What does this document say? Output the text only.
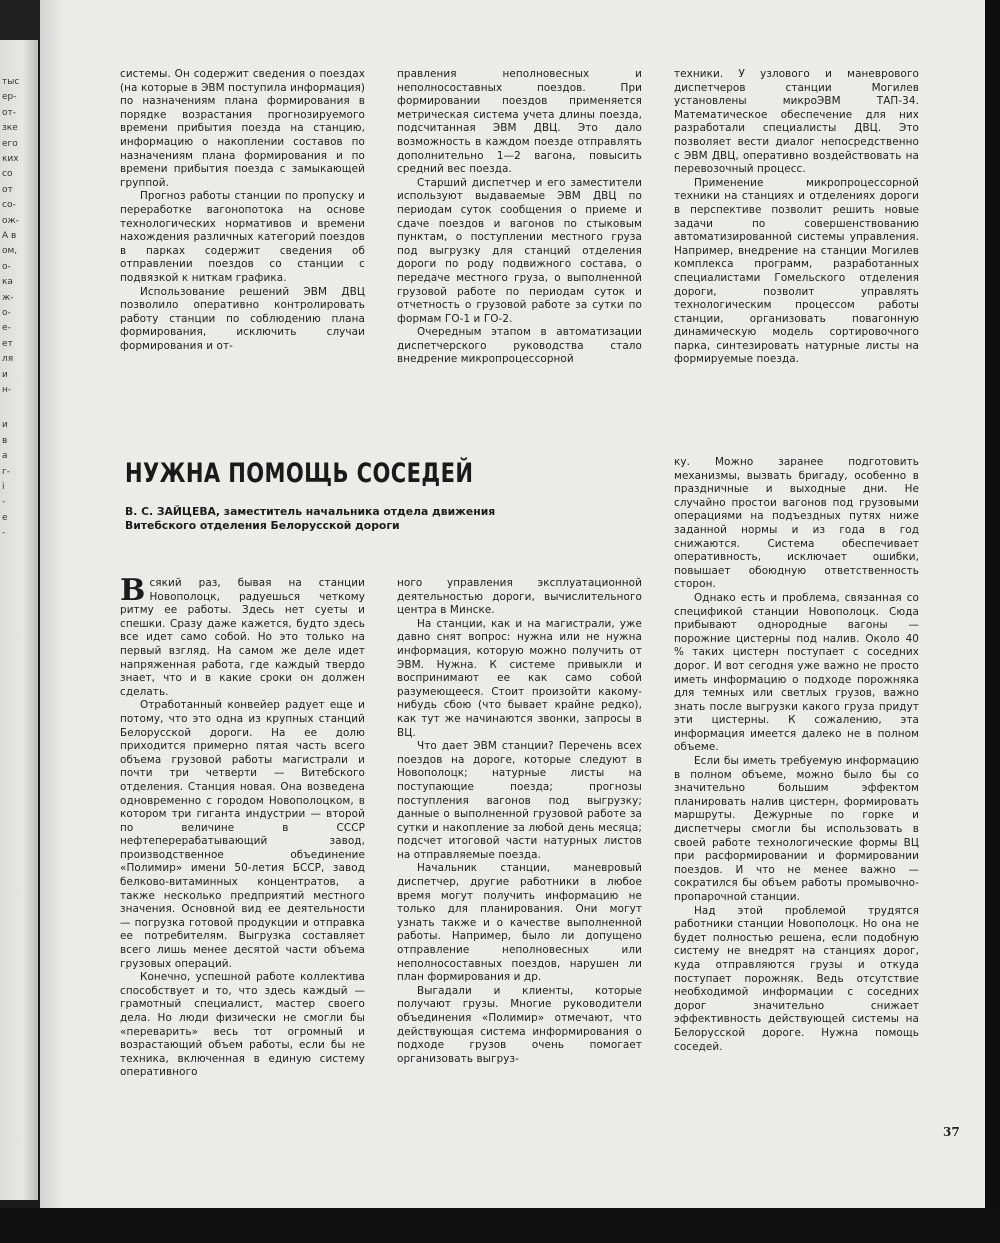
тыс
ер-
от-
зке
его
ких
со
от
со-
ож-
А в
ом,
о-
ка
ж-
о-
е-
ет
ля
и
н-
и
в
а
г-
і
-
е
-

системы. Он содержит сведения о поездах (на которые в ЭВМ поступила информация) по назначениям плана формирования в порядке возрастания прогнозируемого времени прибытия поезда на станцию, информацию о накоплении составов по назначениям плана формирования и по времени прибытия поезда с замыкающей группой.

Прогноз работы станции по пропуску и переработке вагонопотока на основе технологических нормативов и времени нахождения различных категорий поездов в парках содержит сведения об отправлении поездов со станции с подвязкой к ниткам графика.

Использование решений ЭВМ ДВЦ позволило оперативно контролировать работу станции по соблюдению плана формирования, исключить случаи формирования и от-

правления неполновесных и неполносоставных поездов. При формировании поездов применяется метрическая система учета длины поезда, подсчитанная ЭВМ ДВЦ. Это дало возможность в каждом поезде отправлять дополнительно 1—2 вагона, повысить средний вес поезда.

Старший диспетчер и его заместители используют выдаваемые ЭВМ ДВЦ по периодам суток сообщения о приеме и сдаче поездов и вагонов по стыковым пунктам, о поступлении местного груза под выгрузку для станций отделения дороги по роду подвижного состава, о передаче местного груза, о выполненной грузовой работе по периодам суток и отчетность о грузовой работе за сутки по формам ГО-1 и ГО-2.

Очередным этапом в автоматизации диспетчерского руководства стало внедрение микропроцессорной

техники. У узлового и маневрового диспетчеров станции Могилев установлены микроЭВМ ТАП-34. Математическое обеспечение для них разработали специалисты ДВЦ. Это позволяет вести диалог непосредственно с ЭВМ ДВЦ, оперативно воздействовать на перевозочный процесс.

Применение микропроцессорной техники на станциях и отделениях дороги в перспективе позволит решить новые задачи по совершенствованию автоматизированной системы управления. Например, внедрение на станции Могилев комплекса программ, разработанных специалистами Гомельского отделения дороги, позволит управлять технологическим процессом работы станции, организовать повагонную динамическую модель сортировочного парка, синтезировать натурные листы на формируемые поезда.

ку. Можно заранее подготовить механизмы, вызвать бригаду, особенно в праздничные и выходные дни. Не случайно простои вагонов под грузовыми операциями на подъездных путях ниже заданной нормы и из года в год снижаются. Система обеспечивает оперативность, исключает ошибки, повышает обоюдную ответственность сторон.

Однако есть и проблема, связанная со спецификой станции Новополоцк. Сюда прибывают однородные вагоны — порожние цистерны под налив. Около 40 % таких цистерн поступает с соседних дорог. И вот сегодня уже важно не просто иметь информацию о подходе порожняка для темных или светлых грузов, важно знать после выгрузки какого груза придут эти цистерны. К сожалению, эта информация имеется далеко не в полном объеме.

Если бы иметь требуемую информацию в полном объеме, можно было бы со значительно большим эффектом планировать налив цистерн, формировать маршруты. Дежурные по горке и диспетчеры смогли бы использовать в своей работе технологические формы ВЦ при расформировании и формировании поездов. И что не менее важно — сократился бы объем работы промывочно-пропарочной станции.

Над этой проблемой трудятся работники станции Новополоцк. Но она не будет полностью решена, если подобную систему не внедрят на станциях дорог, куда отправляются грузы и откуда поступает порожняк. Ведь отсутствие необходимой информации с соседних дорог значительно снижает эффективность действующей системы на Белорусской дороге. Нужна помощь соседей.

Всякий раз, бывая на станции Новополоцк, радуешься четкому ритму ее работы. Здесь нет суеты и спешки. Сразу даже кажется, будто здесь все идет само собой. Но это только на первый взгляд. На самом же деле идет напряженная работа, где каждый твердо знает, что и в какие сроки он должен сделать.

Отработанный конвейер радует еще и потому, что это одна из крупных станций Белорусской дороги. На ее долю приходится примерно пятая часть всего объема грузовой работы магистрали и почти три четверти — Витебского отделения. Станция новая. Она возведена одновременно с городом Новополоцком, в котором три гиганта индустрии — второй по величине в СССР нефтеперерабатывающий завод, производственное объединение «Полимир» имени 50-летия БССР, завод белково-витаминных концентратов, а также несколько предприятий местного значения. Основной вид ее деятельности — погрузка готовой продукции и отправка ее потребителям. Выгрузка составляет всего лишь менее десятой части объема грузовых операций.

Конечно, успешной работе коллектива способствует и то, что здесь каждый — грамотный специалист, мастер своего дела. Но люди физически не смогли бы «переварить» весь тот огромный и возрастающий объем работы, если бы не техника, включенная в единую систему оперативного

ного управления эксплуатационной деятельностью дороги, вычислительного центра в Минске.

На станции, как и на магистрали, уже давно снят вопрос: нужна или не нужна информация, которую можно получить от ЭВМ. Нужна. К системе привыкли и воспринимают ее как само собой разумеющееся. Стоит произойти какому-нибудь сбою (что бывает крайне редко), как тут же начинаются звонки, запросы в ВЦ.

Что дает ЭВМ станции? Перечень всех поездов на дороге, которые следуют в Новополоцк; натурные листы на поступающие поезда; прогнозы поступления вагонов под выгрузку; данные о выполненной грузовой работе за сутки и накопление за любой день месяца; подсчет итоговой части натурных листов на отправляемые поезда.

Начальник станции, маневровый диспетчер, другие работники в любое время могут получить информацию не только для планирования. Они могут узнать также и о качестве выполненной работы. Например, было ли допущено отправление неполновесных или неполносоставных поездов, нарушен ли план формирования и др.

Выгадали и клиенты, которые получают грузы. Многие руководители объединения «Полимир» отмечают, что действующая система информирования о подходе грузов очень помогает организовать выгруз-

37
НУЖНА ПОМОЩЬ СОСЕДЕЙ
В. С. ЗАЙЦЕВА, заместитель начальника отдела движения Витебского отделения Белорусской дороги
